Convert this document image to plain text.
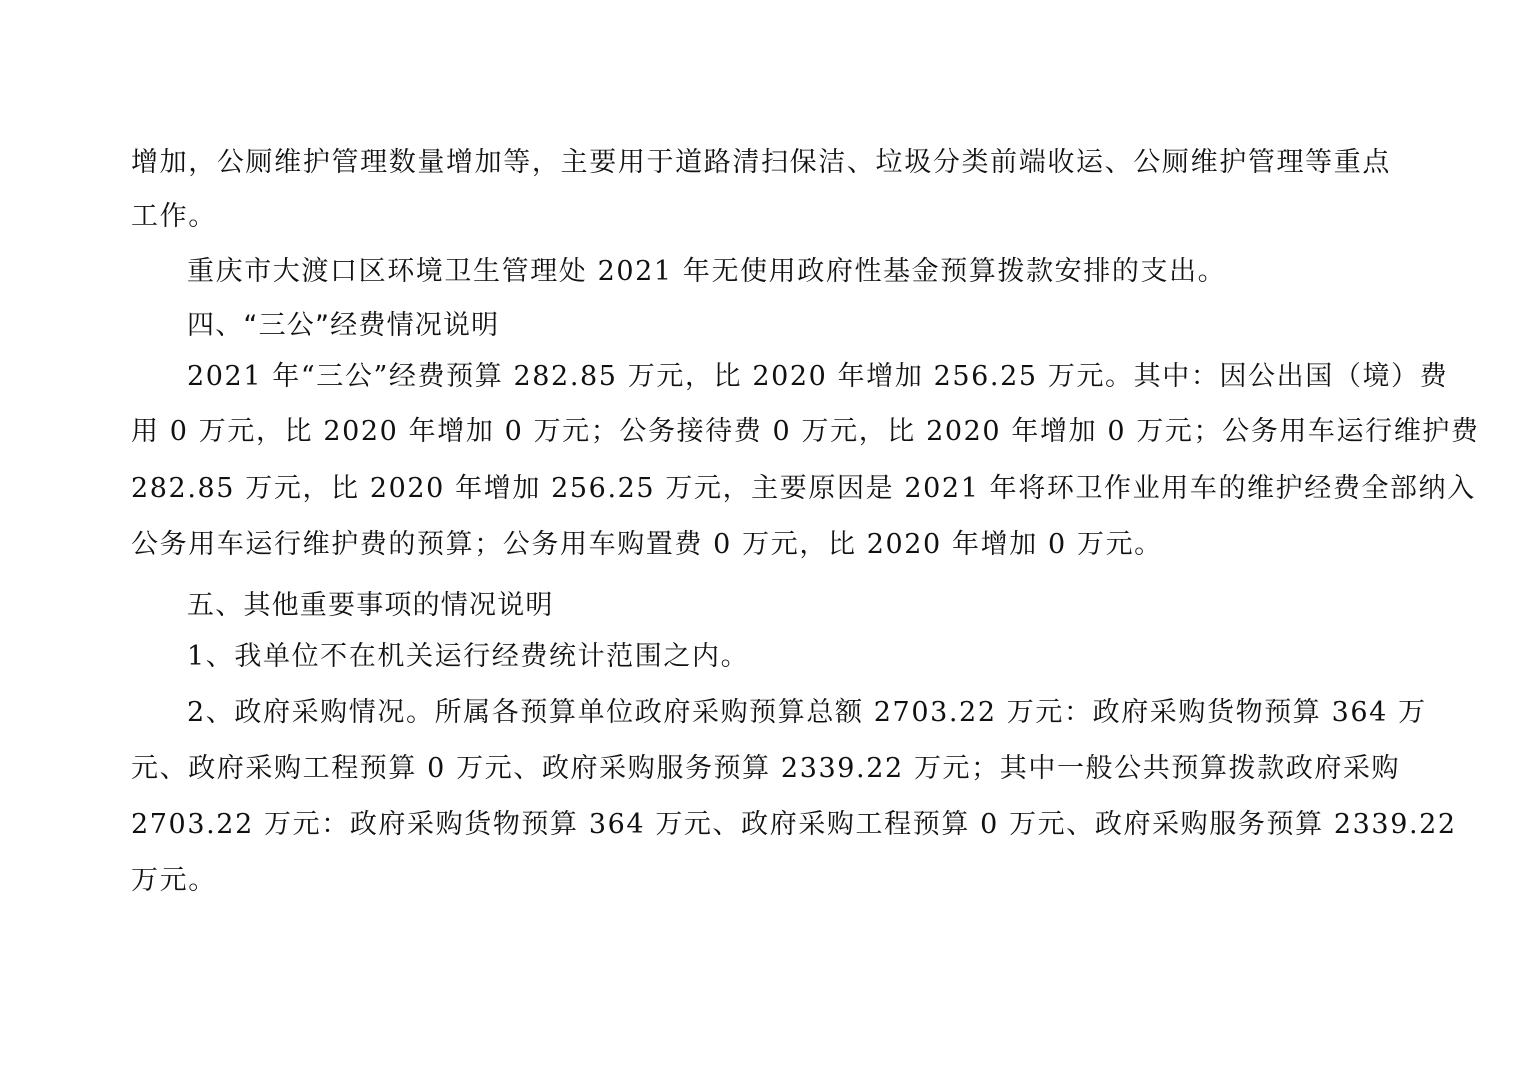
增加，公厕维护管理数量增加等，主要用于道路清扫保洁、垃圾分类前端收运、公厕维护管理等重点
工作。
重庆市大渡口区环境卫生管理处 2021 年无使用政府性基金预算拨款安排的支出。
四、“三公”经费情况说明
2021 年“三公”经费预算 282.85 万元，比 2020 年增加 256.25 万元。其中：因公出国（境）费
用 0 万元，比 2020 年增加 0 万元；公务接待费 0 万元，比 2020 年增加 0 万元；公务用车运行维护费
282.85 万元，比 2020 年增加 256.25 万元，主要原因是 2021 年将环卫作业用车的维护经费全部纳入
公务用车运行维护费的预算；公务用车购置费 0 万元，比 2020 年增加 0 万元。
五、其他重要事项的情况说明
1、我单位不在机关运行经费统计范围之内。
2、政府采购情况。所属各预算单位政府采购预算总额 2703.22 万元：政府采购货物预算 364 万
元、政府采购工程预算 0 万元、政府采购服务预算 2339.22 万元；其中一般公共预算拨款政府采购
2703.22 万元：政府采购货物预算 364 万元、政府采购工程预算 0 万元、政府采购服务预算 2339.22
万元。
